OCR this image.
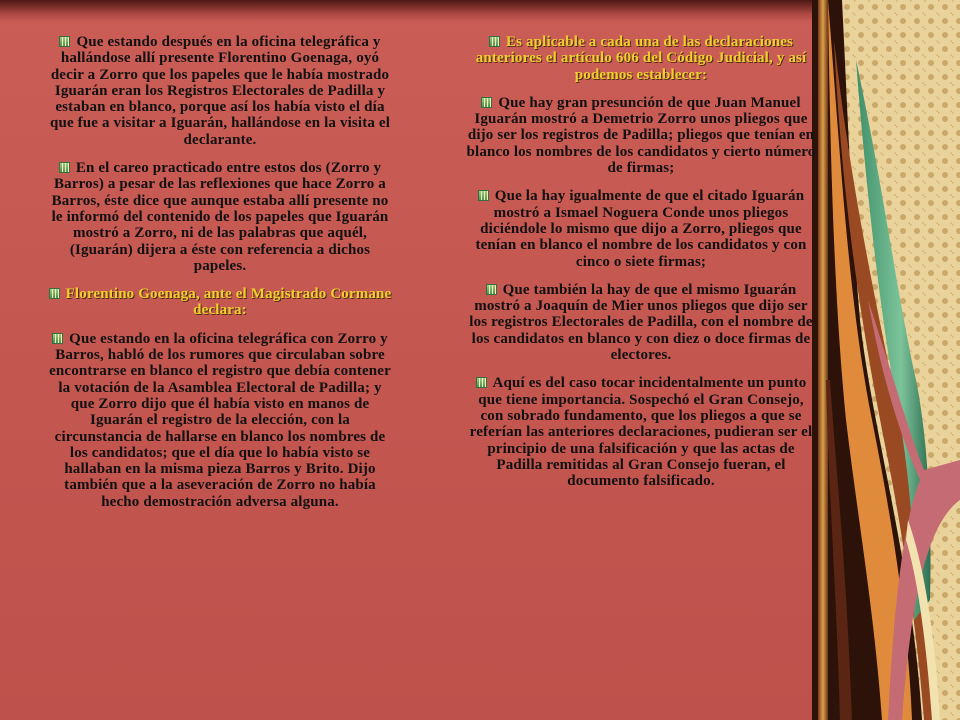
Que estando después en la oficina telegráfica y hallándose allí presente Florentino Goenaga, oyó decir a Zorro que los papeles que le había mostrado Iguarán eran los Registros Electorales de Padilla y estaban en blanco, porque así los había visto el día que fue a visitar a Iguarán, hallándose en la visita el declarante.

En el careo practicado entre estos dos (Zorro y Barros) a pesar de las reflexiones que hace Zorro a Barros, éste dice que aunque estaba allí presente no le informó del contenido de los papeles que Iguarán mostró a Zorro, ni de las palabras que aquél, (Iguarán) dijera a éste con referencia a dichos papeles.

Florentino Goenaga, ante el Magistrado Cormane declara:

Que estando en la oficina telegráfica con Zorro y Barros, habló de los rumores que circulaban sobre encontrarse en blanco el registro que debía contener la votación de la Asamblea Electoral de Padilla; y que Zorro dijo que él había visto en manos de Iguarán el registro de la elección, con la circunstancia de hallarse en blanco los nombres de los candidatos; que el día que lo había visto se hallaban en la misma pieza Barros y Brito. Dijo también que a la aseveración de Zorro no había hecho demostración adversa alguna.

Es aplicable a cada una de las declaraciones anteriores el artículo 606 del Código Judicial, y así podemos establecer:

Que hay gran presunción de que Juan Manuel Iguarán mostró a Demetrio Zorro unos pliegos que dijo ser los registros de Padilla; pliegos que tenían en blanco los nombres de los candidatos y cierto número de firmas;

Que la hay igualmente de que el citado Iguarán mostró a Ismael Noguera Conde unos pliegos diciéndole lo mismo que dijo a Zorro, pliegos que tenían en blanco el nombre de los candidatos y con cinco o siete firmas;

Que también la hay de que el mismo Iguarán mostró a Joaquín de Mier unos pliegos que dijo ser los registros Electorales de Padilla, con el nombre de los candidatos en blanco y con diez o doce firmas de electores.

Aquí es del caso tocar incidentalmente un punto que tiene importancia. Sospechó el Gran Consejo, con sobrado fundamento, que los pliegos a que se referían las anteriores declaraciones, pudieran ser el principio de una falsificación y que las actas de Padilla remitidas al Gran Consejo fueran, el documento falsificado.
